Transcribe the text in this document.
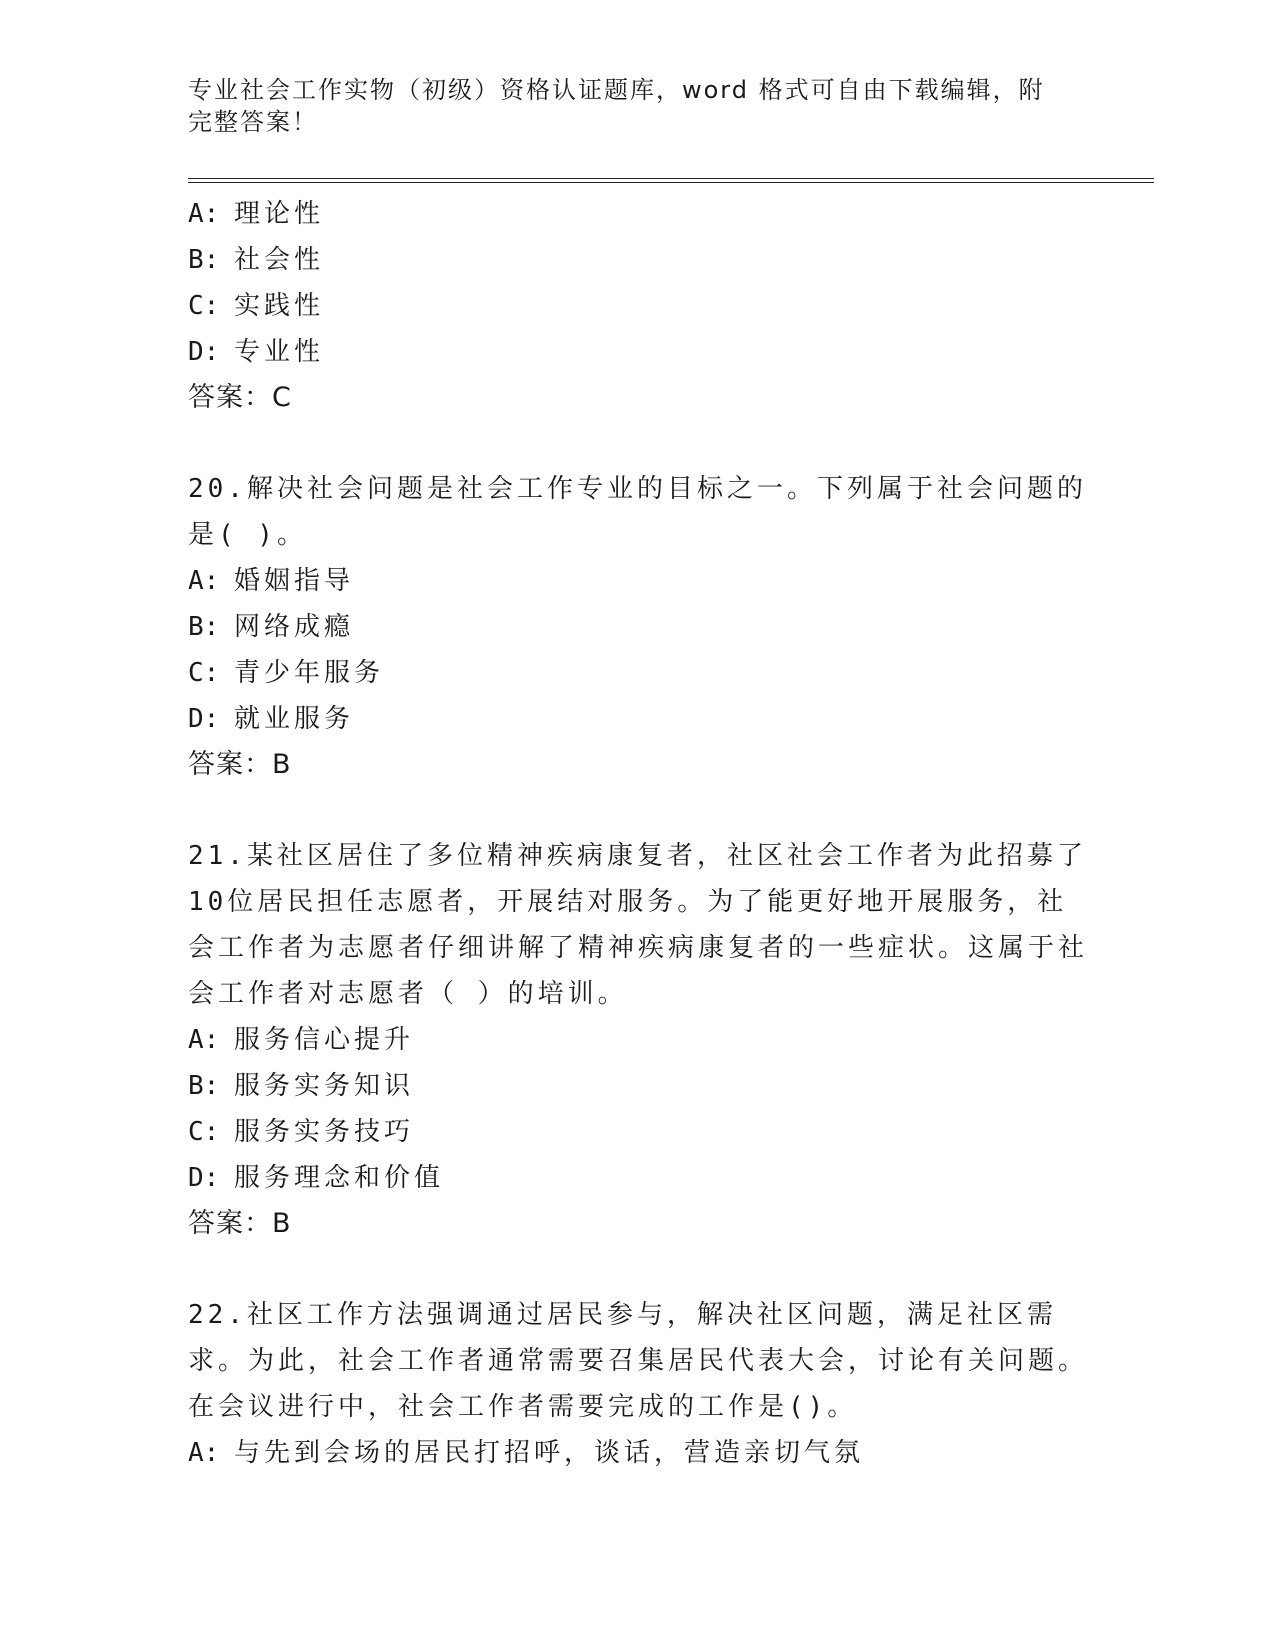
专业社会工作实物（初级）资格认证题库，word 格式可自由下载编辑，附完整答案！
A: 理论性
B: 社会性
C: 实践性
D: 专业性
答案：C
20.解决社会问题是社会工作专业的目标之一。下列属于社会问题的是( )。
A: 婚姻指导
B: 网络成瘾
C: 青少年服务
D: 就业服务
答案：B
21.某社区居住了多位精神疾病康复者，社区社会工作者为此招募了10位居民担任志愿者，开展结对服务。为了能更好地开展服务，社会工作者为志愿者仔细讲解了精神疾病康复者的一些症状。这属于社会工作者对志愿者（ ）的培训。
A: 服务信心提升
B: 服务实务知识
C: 服务实务技巧
D: 服务理念和价值
答案：B
22.社区工作方法强调通过居民参与，解决社区问题，满足社区需求。为此，社会工作者通常需要召集居民代表大会，讨论有关问题。在会议进行中，社会工作者需要完成的工作是()。
A: 与先到会场的居民打招呼，谈话，营造亲切气氛
